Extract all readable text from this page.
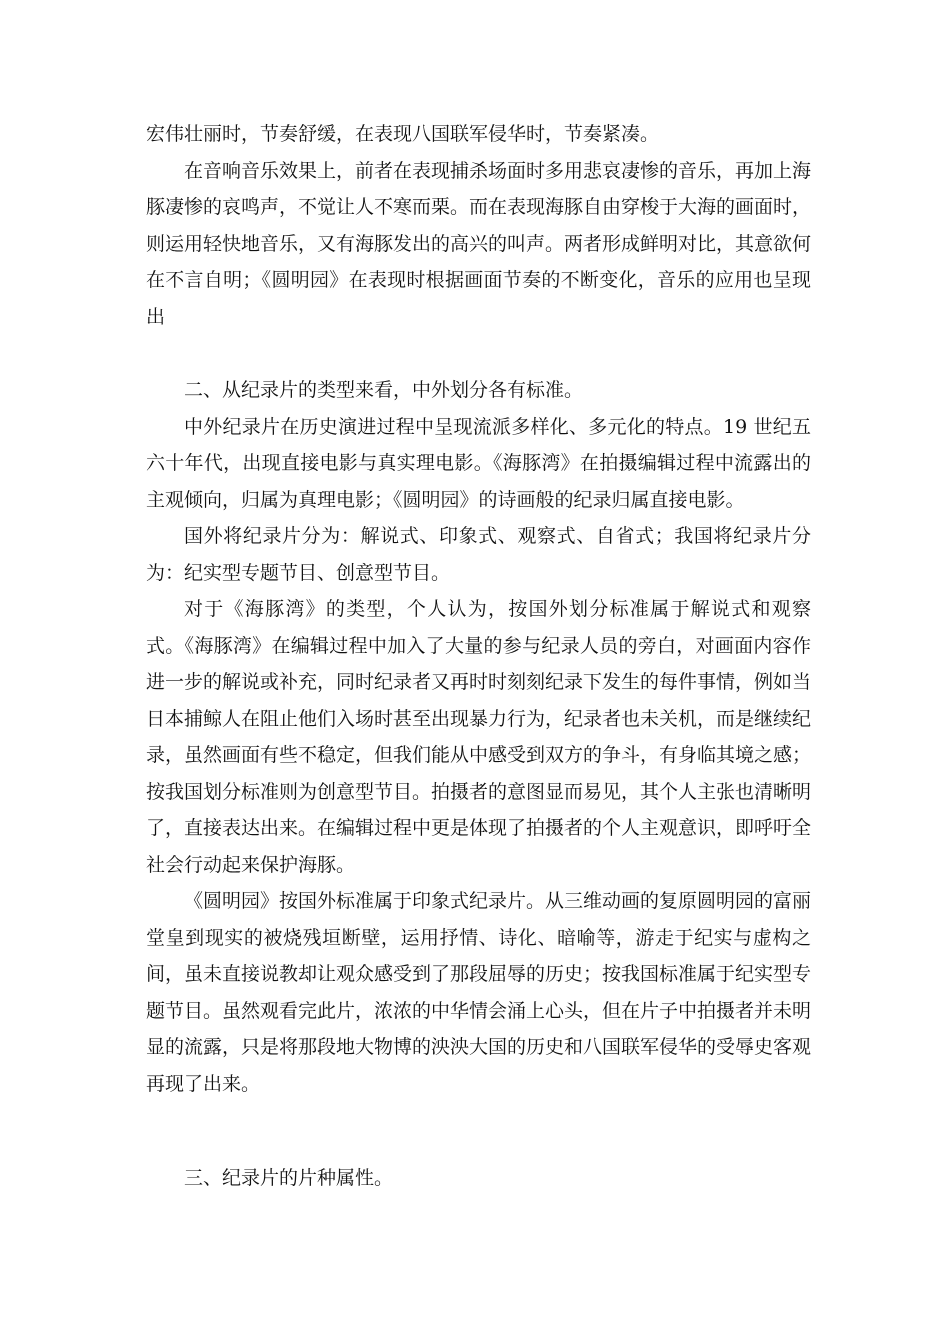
宏伟壮丽时，节奏舒缓，在表现八国联军侵华时，节奏紧凑。

在音响音乐效果上，前者在表现捕杀场面时多用悲哀凄惨的音乐，再加上海豚凄惨的哀鸣声，不觉让人不寒而栗。而在表现海豚自由穿梭于大海的画面时，则运用轻快地音乐，又有海豚发出的高兴的叫声。两者形成鲜明对比，其意欲何在不言自明；《圆明园》在表现时根据画面节奏的不断变化，音乐的应用也呈现出

二、从纪录片的类型来看，中外划分各有标准。

中外纪录片在历史演进过程中呈现流派多样化、多元化的特点。19 世纪五六十年代，出现直接电影与真实理电影。《海豚湾》在拍摄编辑过程中流露出的主观倾向，归属为真理电影；《圆明园》的诗画般的纪录归属直接电影。

国外将纪录片分为：解说式、印象式、观察式、自省式；我国将纪录片分为：纪实型专题节目、创意型节目。

对于《海豚湾》的类型，个人认为，按国外划分标准属于解说式和观察式。《海豚湾》在编辑过程中加入了大量的参与纪录人员的旁白，对画面内容作进一步的解说或补充，同时纪录者又再时时刻刻纪录下发生的每件事情，例如当日本捕鲸人在阻止他们入场时甚至出现暴力行为，纪录者也未关机，而是继续纪录，虽然画面有些不稳定，但我们能从中感受到双方的争斗，有身临其境之感；按我国划分标准则为创意型节目。拍摄者的意图显而易见，其个人主张也清晰明了，直接表达出来。在编辑过程中更是体现了拍摄者的个人主观意识，即呼吁全社会行动起来保护海豚。

《圆明园》按国外标准属于印象式纪录片。从三维动画的复原圆明园的富丽堂皇到现实的被烧残垣断壁，运用抒情、诗化、暗喻等，游走于纪实与虚构之间，虽未直接说教却让观众感受到了那段屈辱的历史；按我国标准属于纪实型专题节目。虽然观看完此片，浓浓的中华情会涌上心头，但在片子中拍摄者并未明显的流露，只是将那段地大物博的泱泱大国的历史和八国联军侵华的受辱史客观再现了出来。

三、纪录片的片种属性。
